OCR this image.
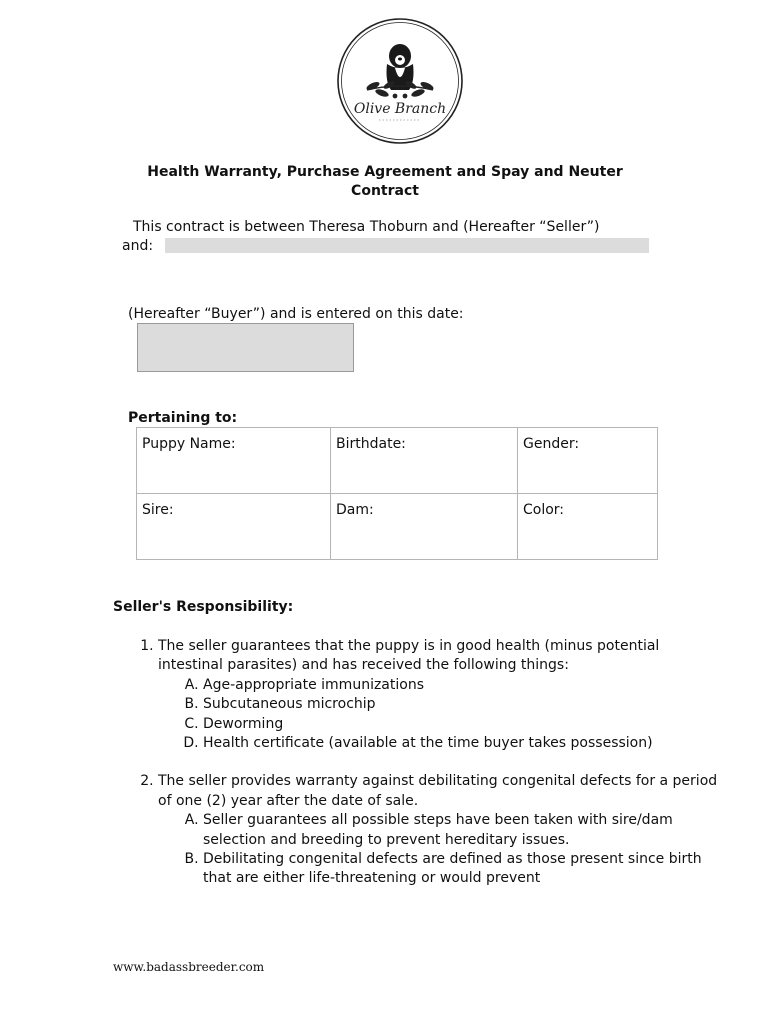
Olive Branch
Health Warranty, Purchase Agreement and Spay and Neuter Contract
This contract is between Theresa Thoburn and (Hereafter “Seller”)
and:
(Hereafter “Buyer”) and is entered on this date:
Pertaining to:
Puppy Name:	Birthdate:	Gender:
Sire:	Dam:	Color:
Seller's Responsibility:
1. The seller guarantees that the puppy is in good health (minus potential intestinal parasites) and has received the following things:
A. Age-appropriate immunizations
B. Subcutaneous microchip
C. Deworming
D. Health certificate (available at the time buyer takes possession)
2. The seller provides warranty against debilitating congenital defects for a period of one (2) year after the date of sale.
A. Seller guarantees all possible steps have been taken with sire/dam selection and breeding to prevent hereditary issues.
B. Debilitating congenital defects are defined as those present since birth that are either life-threatening or would prevent
www.badassbreeder.com
